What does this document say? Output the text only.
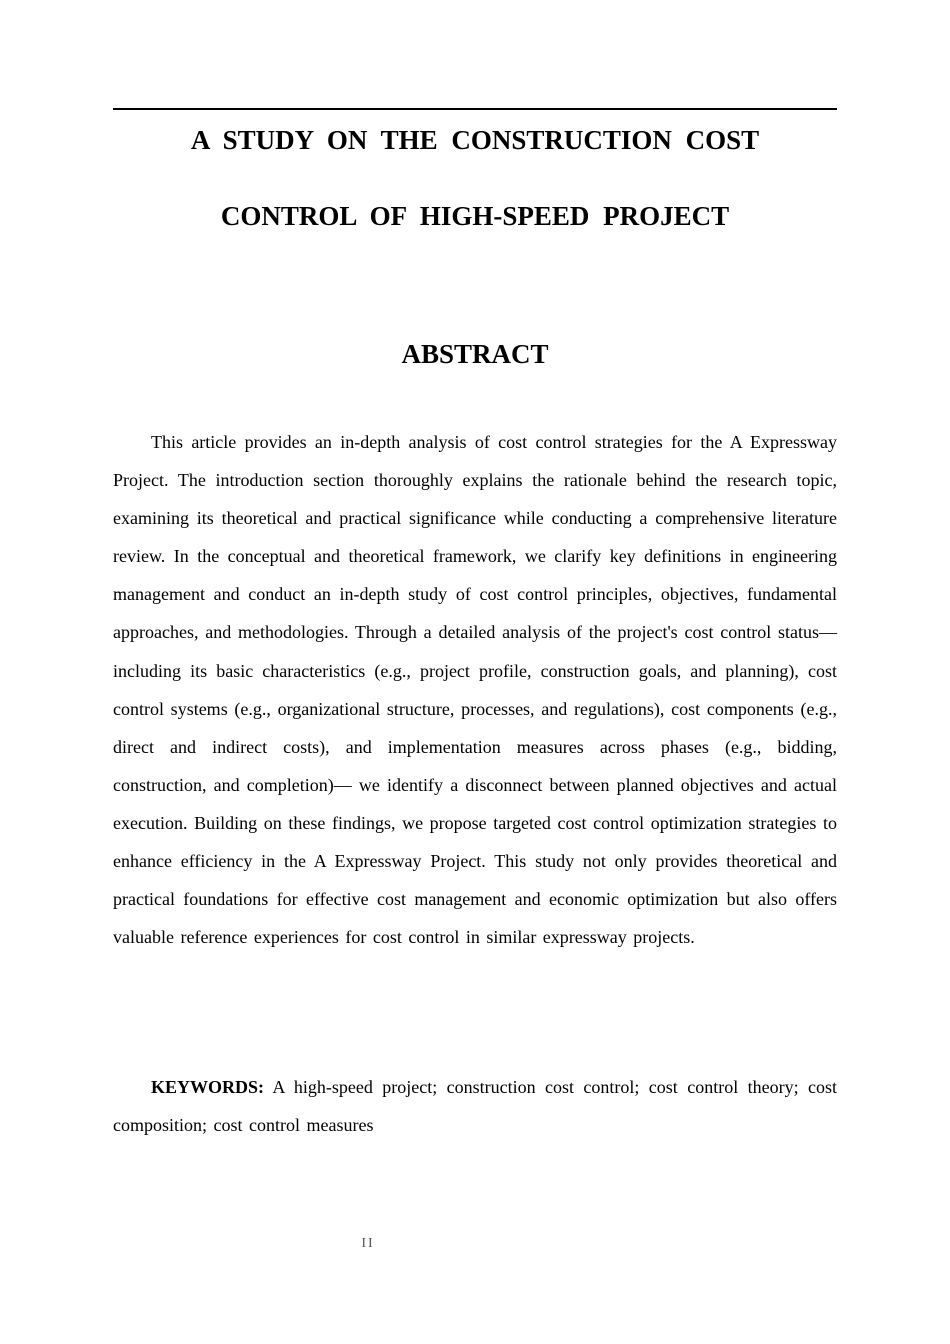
A STUDY ON THE CONSTRUCTION COST
CONTROL OF HIGH-SPEED PROJECT
ABSTRACT

This article provides an in-depth analysis of cost control strategies for the A Expressway Project. The introduction section thoroughly explains the rationale behind the research topic, examining its theoretical and practical significance while conducting a comprehensive literature review. In the conceptual and theoretical framework, we clarify key definitions in engineering management and conduct an in-depth study of cost control principles, objectives, fundamental approaches, and methodologies. Through a detailed analysis of the project's cost control status— including its basic characteristics (e.g., project profile, construction goals, and planning), cost control systems (e.g., organizational structure, processes, and regulations), cost components (e.g., direct and indirect costs), and implementation measures across phases (e.g., bidding, construction, and completion)— we identify a disconnect between planned objectives and actual execution. Building on these findings, we propose targeted cost control optimization strategies to enhance efficiency in the A Expressway Project. This study not only provides theoretical and practical foundations for effective cost management and economic optimization but also offers valuable reference experiences for cost control in similar expressway projects.

KEYWORDS: A high-speed project; construction cost control; cost control theory; cost composition; cost control measures

II
